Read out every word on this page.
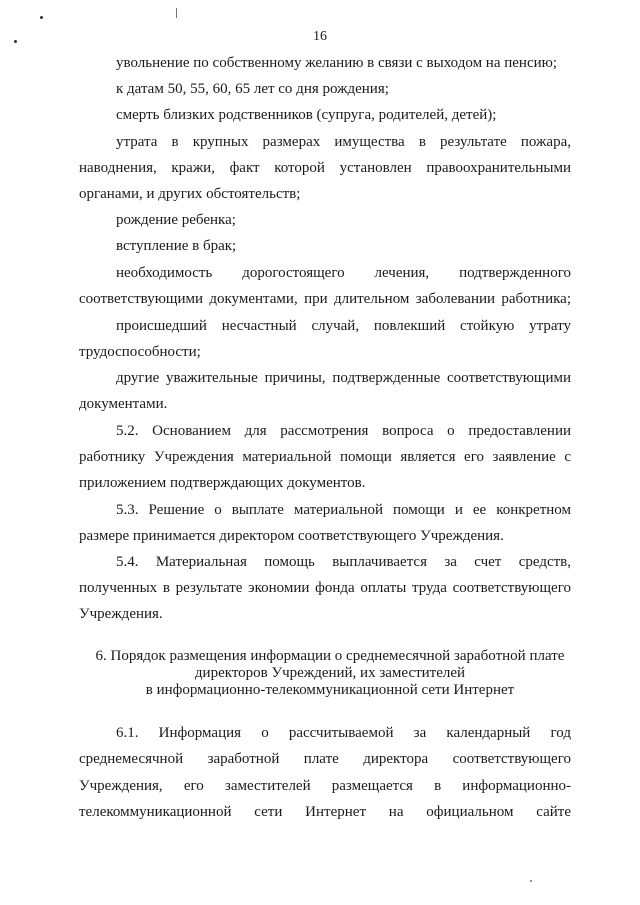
16
увольнение по собственному желанию в связи с выходом на пенсию;
к датам 50, 55, 60, 65 лет со дня рождения;
смерть близких родственников (супруга, родителей, детей);
утрата в крупных размерах имущества в результате пожара,
наводнения, кражи, факт которой установлен правоохранительными
органами, и других обстоятельств;
рождение ребенка;
вступление в брак;
необходимость дорогостоящего лечения, подтвержденного
соответствующими документами, при длительном заболевании работника;
происшедший несчастный случай, повлекший стойкую утрату
трудоспособности;
другие уважительные причины, подтвержденные соответствующими
документами.
5.2. Основанием для рассмотрения вопроса о предоставлении
работнику Учреждения материальной помощи является его заявление с
приложением подтверждающих документов.
5.3. Решение о выплате материальной помощи и ее конкретном
размере принимается директором соответствующего Учреждения.
5.4. Материальная помощь выплачивается за счет средств,
полученных в результате экономии фонда оплаты труда соответствующего
Учреждения.
6. Порядок размещения информации о среднемесячной заработной плате
директоров Учреждений, их заместителей
в информационно-телекоммуникационной сети Интернет
6.1. Информация о рассчитываемой за календарный год
среднемесячной заработной плате директора соответствующего
Учреждения, его заместителей размещается в информационно-
телекоммуникационной сети Интернет на официальном сайте
